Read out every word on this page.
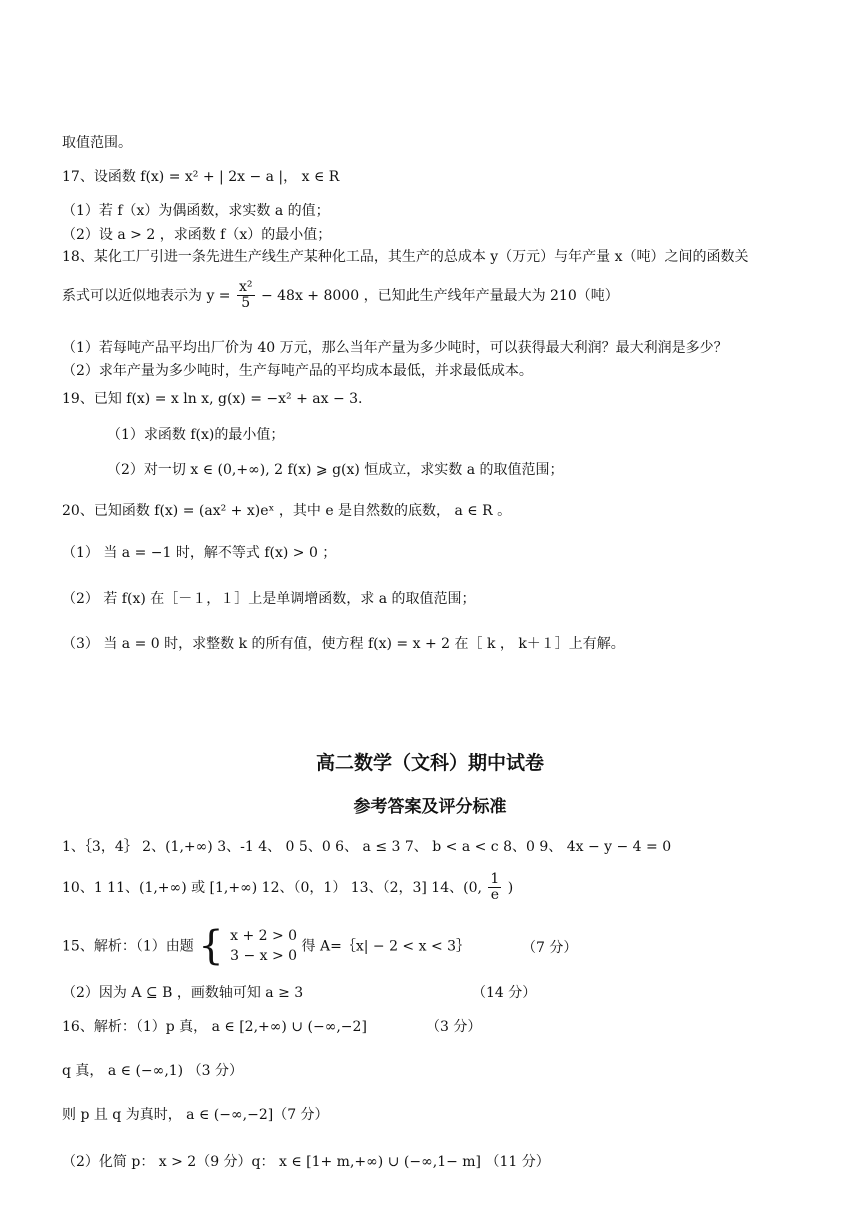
取值范围。
17、设函数 f(x) = x² + | 2x − a |， x ∈ R
（1）若 f（x）为偶函数，求实数 a 的值；
（2）设 a > 2 ，求函数 f（x）的最小值；
18、某化工厂引进一条先进生产线生产某种化工品，其生产的总成本 y（万元）与年产量 x（吨）之间的函数关
系式可以近似地表示为 $y = \frac{\text{x²}}{5} - 48x + 8000$ ，已知此生产线年产量最大为 210（吨）
（1）若每吨产品平均出厂价为 40 万元，那么当年产量为多少吨时，可以获得最大利润？最大利润是多少？
（2）求年产量为多少吨时，生产每吨产品的平均成本最低，并求最低成本。
19、已知 f(x) = x ln x, g(x) = −x² + ax − 3.
（1）求函数 f(x)的最小值；
（2）对一切 x ∈ (0,+∞), 2 f(x) ⩾ g(x) 恒成立，求实数 a 的取值范围；
20、已知函数 f(x) = (ax² + x)eˣ ，其中 e 是自然数的底数， a ∈ R 。
（1） 当 a = −1 时，解不等式 f(x) > 0 ；
（2） 若 f(x) 在［－１，１］上是单调增函数，求 a 的取值范围；
（3） 当 a = 0 时，求整数 k 的所有值，使方程 f(x) = x + 2 在［ k ， k＋１］上有解。
高二数学（文科）期中试卷
参考答案及评分标准
1、｛3，4｝ 2、(1,+∞) 3、-1 4、 0 5、0 6、 a ≤ 3 7、 b < a < c 8、0 9、 4x − y − 4 = 0
10、1 11、(1,+∞) 或 [1,+∞) 12、（0，1） 13、（2，3] 14、(0, $\frac{1}{e}$ )
15、解析：（1）由题 { x + 2 > 0
3 − x > 0
得 A=｛x| − 2 < x < 3｝	（7 分）
（2）因为 A ⊆ B ，画数轴可知 a ≥ 3	（14 分）
16、解析：（1）p 真， a ∈ [2,+∞) ∪ (−∞,−2]	（3 分）
q 真， a ∈ (−∞,1) （3 分）
则 p 且 q 为真时， a ∈ (−∞,−2]（7 分）
（2）化简 p： x > 2（9 分）q： x ∈ [1+ m,+∞) ∪ (−∞,1− m] （11 分）
